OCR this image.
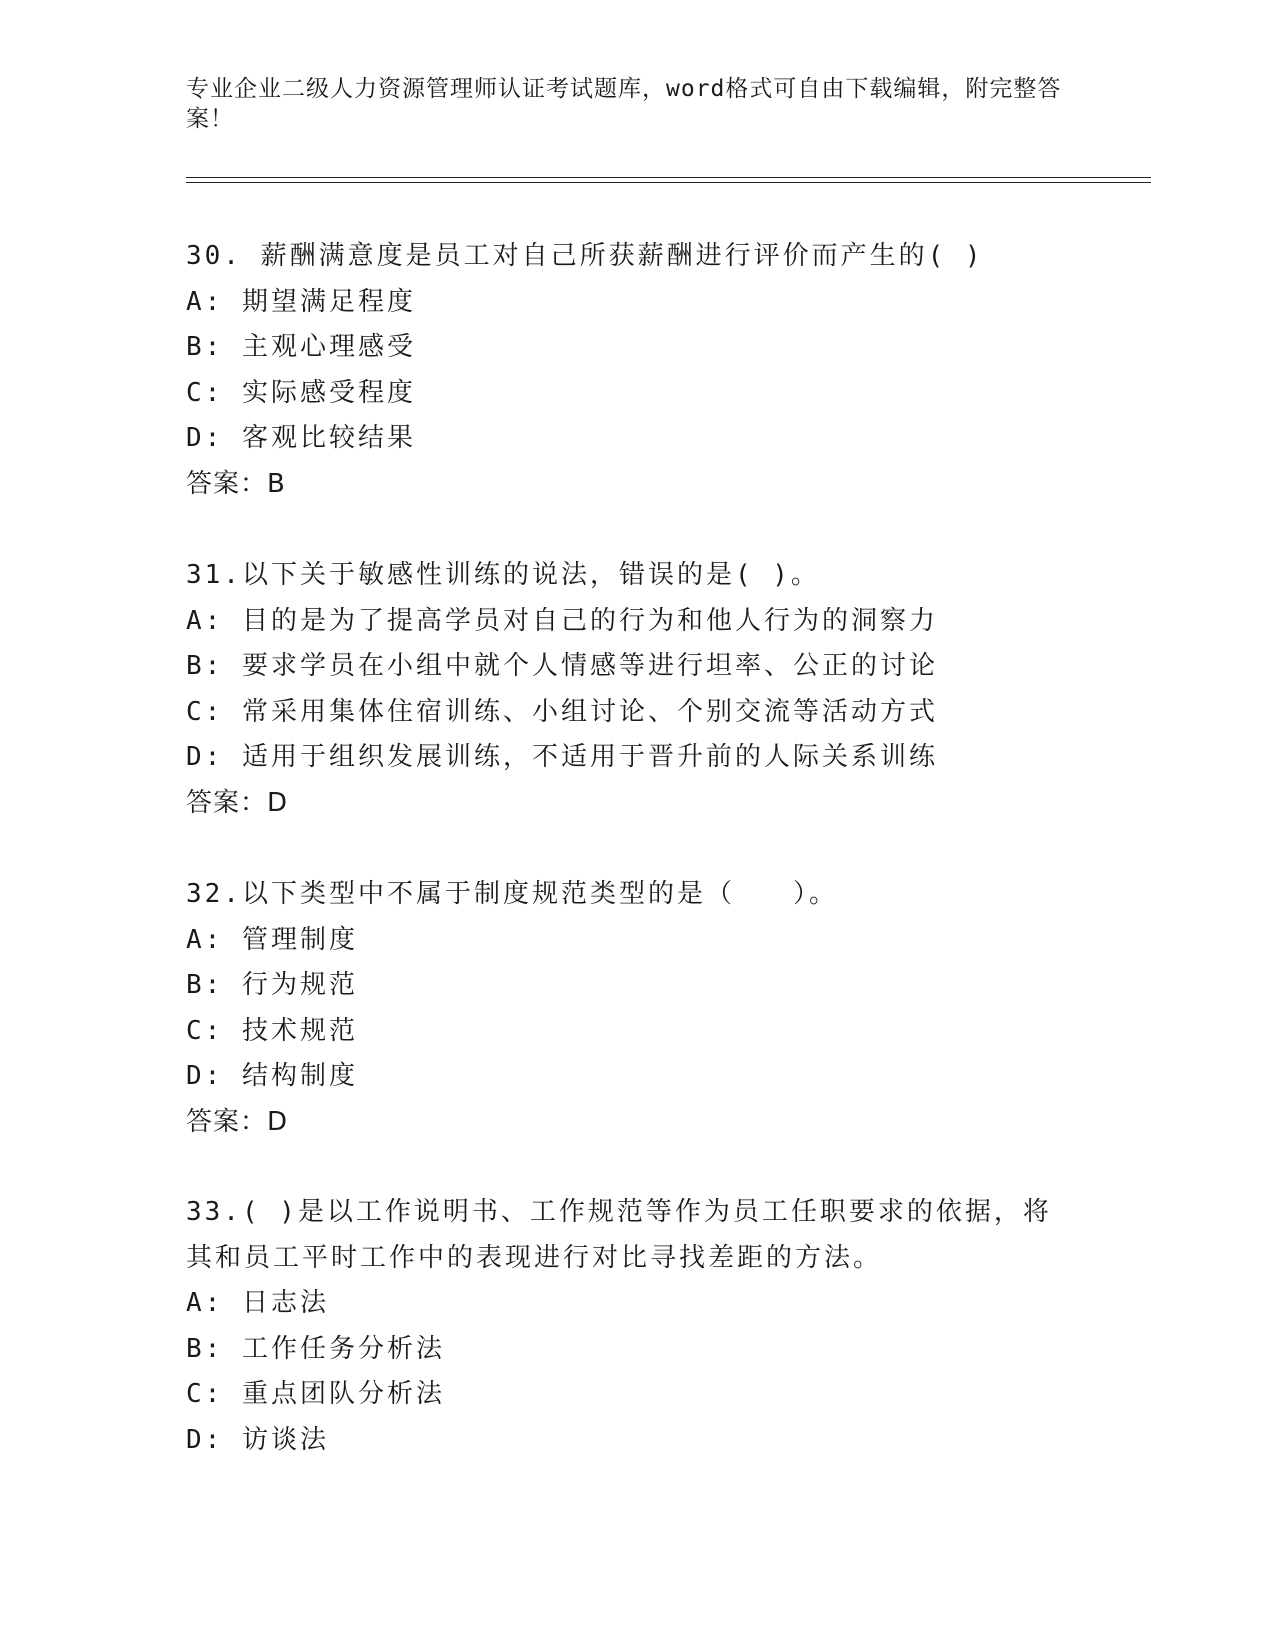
专业企业二级人力资源管理师认证考试题库，word格式可自由下载编辑，附完整答案！
30. 薪酬满意度是员工对自己所获薪酬进行评价而产生的( )
A: 期望满足程度
B: 主观心理感受
C: 实际感受程度
D: 客观比较结果
答案：B
31.以下关于敏感性训练的说法，错误的是( )。
A: 目的是为了提高学员对自己的行为和他人行为的洞察力
B: 要求学员在小组中就个人情感等进行坦率、公正的讨论
C: 常采用集体住宿训练、小组讨论、个别交流等活动方式
D: 适用于组织发展训练，不适用于晋升前的人际关系训练
答案：D
32.以下类型中不属于制度规范类型的是（　　）。
A: 管理制度
B: 行为规范
C: 技术规范
D: 结构制度
答案：D
33.( )是以工作说明书、工作规范等作为员工任职要求的依据，将其和员工平时工作中的表现进行对比寻找差距的方法。
A: 日志法
B: 工作任务分析法
C: 重点团队分析法
D: 访谈法
